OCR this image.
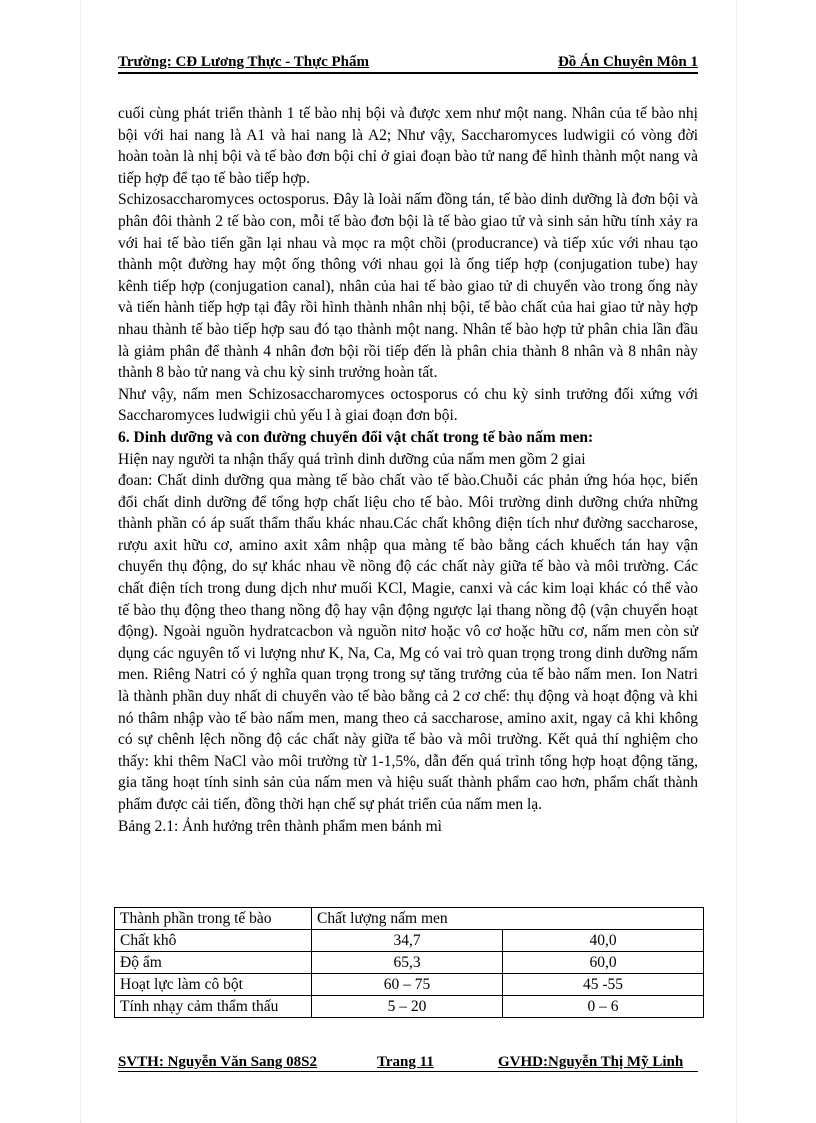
Trường: CĐ Lương Thực - Thực Phẩm	Đồ Án Chuyên Môn 1

cuối cùng phát triển thành 1 tế bào nhị bội và được xem như một nang. Nhân của tế bào nhị bội với hai nang là A1 và hai nang là A2; Như vậy, Saccharomyces ludwigii có vòng đời hoàn toàn là nhị bội và tế bào đơn bội chỉ ở giai đoạn bào tử nang để hình thành một nang và tiếp hợp để tạo tế bào tiếp hợp.

Schizosaccharomyces octosporus. Đây là loài nấm đồng tán, tế bào dinh dưỡng là đơn bội và phân đôi thành 2 tế bào con, mỗi tế bào đơn bội là tế bào giao tử và sinh sản hữu tính xảy ra với hai tế bào tiến gần lại nhau và mọc ra một chồi (producrance) và tiếp xúc với nhau tạo thành một đường hay một ống thông với nhau gọi là ống tiếp hợp (conjugation tube) hay kênh tiếp hợp (conjugation canal), nhân của hai tế bào giao tử di chuyển vào trong ống này và tiến hành tiếp hợp tại đây rồi hình thành nhân nhị bội, tế bào chất của hai giao tử này hợp nhau thành tế bào tiếp hợp sau đó tạo thành một nang. Nhân tế bào hợp tử phân chia lần đầu là giảm phân để thành 4 nhân đơn bội rồi tiếp đến là phân chia thành 8 nhân và 8 nhân này thành 8 bào tử nang và chu kỳ sinh trưởng hoàn tất.

Như vậy, nấm men Schizosaccharomyces octosporus có chu kỳ sinh trưởng đối xứng với Saccharomyces ludwigii chủ yếu l à giai đoạn đơn bội.

6. Dinh dưỡng và con đường chuyển đổi vật chất trong tế bào nấm men:

Hiện nay người ta nhận thấy quá trình dinh dưỡng của nấm men gồm 2 giai

đoan: Chất dinh dưỡng qua màng tế bào chất vào tế bào.Chuỗi các phản ứng hóa học, biến đổi chất dinh dưỡng để tổng hợp chất liệu cho tế bào. Môi trường dinh dưỡng chứa những thành phần có áp suất thẩm thấu khác nhau.Các chất không điện tích như đường saccharose, rượu axit hữu cơ, amino axit xâm nhập qua màng tế bào bằng cách khuếch tán hay vận chuyển thụ động, do sự khác nhau về nồng độ các chất này giữa tế bào và môi trường. Các chất điện tích trong dung dịch như muối KCl, Magie, canxi và các kim loại khác có thể vào tế bào thụ động theo thang nồng độ hay vận động ngược lại thang nồng độ (vận chuyển hoạt động). Ngoài nguồn hydratcacbon và nguồn nitơ hoặc vô cơ hoặc hữu cơ, nấm men còn sử dụng các nguyên tố vi lượng như K, Na, Ca, Mg có vai trò quan trọng trong dinh dưỡng nấm men. Riêng Natri có ý nghĩa quan trọng trong sự tăng trưởng của tế bào nấm men. Ion Natri là thành phần duy nhất di chuyển vào tế bào bằng cả 2 cơ chế: thụ động và hoạt động và khi nó thâm nhập vào tế bào nấm men, mang theo cả saccharose, amino axit, ngay cả khi không có sự chênh lệch nồng độ các chất này giữa tế bào và môi trường. Kết quả thí nghiệm cho thấy: khi thêm NaCl vào môi trường từ 1-1,5%, dẫn đến quá trình tổng hợp hoạt động tăng, gia tăng hoạt tính sinh sản của nấm men và hiệu suất thành phẩm cao hơn, phẩm chất thành phẩm được cải tiến, đồng thời hạn chế sự phát triển của nấm men lạ.

Bảng 2.1: Ảnh hưởng trên thành phẩm men bánh mì

Thành phần trong tế bào	Chất lượng nấm men	
Chất khô	34,7	40,0
Độ ẩm	65,3	60,0
Hoạt lực làm cô bột	60 – 75	45 -55
Tính nhạy cảm thẩm thấu	5 – 20	0 – 6
SVTH: Nguyễn Văn Sang 08S2	Trang 11	GVHD:Nguyễn Thị Mỹ Linh
